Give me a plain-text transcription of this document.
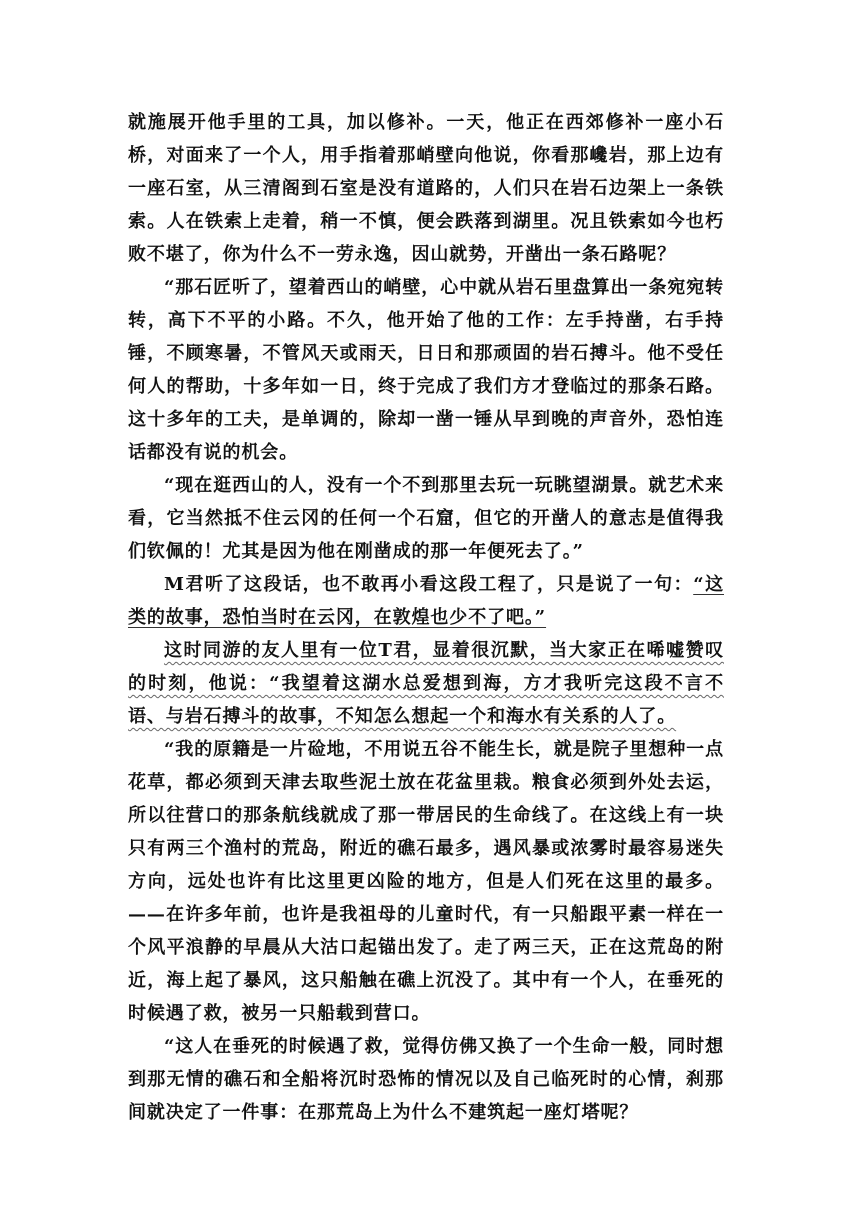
就施展开他手里的工具，加以修补。一天，他正在西郊修补一座小石桥，对面来了一个人，用手指着那峭壁向他说，你看那巉岩，那上边有一座石室，从三清阁到石室是没有道路的，人们只在岩石边架上一条铁索。人在铁索上走着，稍一不慎，便会跌落到湖里。况且铁索如今也朽败不堪了，你为什么不一劳永逸，因山就势，开凿出一条石路呢？

“那石匠听了，望着西山的峭壁，心中就从岩石里盘算出一条宛宛转转，高下不平的小路。不久，他开始了他的工作：左手持凿，右手持锤，不顾寒暑，不管风天或雨天，日日和那顽固的岩石搏斗。他不受任何人的帮助，十多年如一日，终于完成了我们方才登临过的那条石路。这十多年的工夫，是单调的，除却一凿一锤从早到晚的声音外，恐怕连话都没有说的机会。

“现在逛西山的人，没有一个不到那里去玩一玩眺望湖景。就艺术来看，它当然抵不住云冈的任何一个石窟，但它的开凿人的意志是值得我们钦佩的！尤其是因为他在刚凿成的那一年便死去了。”

M君听了这段话，也不敢再小看这段工程了，只是说了一句：“这类的故事，恐怕当时在云冈，在敦煌也少不了吧。”

这时同游的友人里有一位T君，显着很沉默，当大家正在唏嘘赞叹的时刻，他说：“我望着这湖水总爱想到海，方才我听完这段不言不语、与岩石搏斗的故事，不知怎么想起一个和海水有关系的人了。

“我的原籍是一片硷地，不用说五谷不能生长，就是院子里想种一点花草，都必须到天津去取些泥土放在花盆里栽。粮食必须到外处去运，所以往营口的那条航线就成了那一带居民的生命线了。在这线上有一块只有两三个渔村的荒岛，附近的礁石最多，遇风暴或浓雾时最容易迷失方向，远处也许有比这里更凶险的地方，但是人们死在这里的最多。——在许多年前，也许是我祖母的儿童时代，有一只船跟平素一样在一个风平浪静的早晨从大沽口起锚出发了。走了两三天，正在这荒岛的附近，海上起了暴风，这只船触在礁上沉没了。其中有一个人，在垂死的时候遇了救，被另一只船载到营口。

“这人在垂死的时候遇了救，觉得仿佛又换了一个生命一般，同时想到那无情的礁石和全船将沉时恐怖的情况以及自己临死时的心情，刹那间就决定了一件事：在那荒岛上为什么不建筑起一座灯塔呢？
